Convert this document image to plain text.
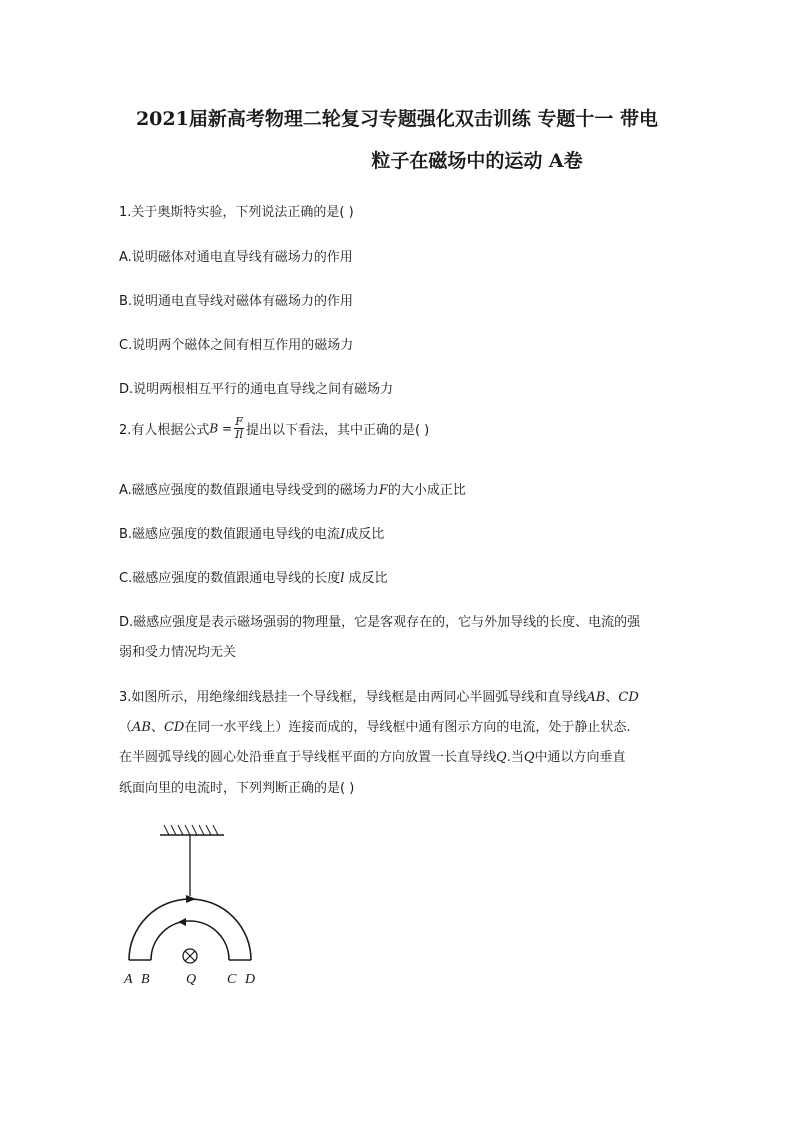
2021届新高考物理二轮复习专题强化双击训练 专题十一 带电
粒子在磁场中的运动 A卷
1.关于奥斯特实验，下列说法正确的是( )
A.说明磁体对通电直导线有磁场力的作用
B.说明通电直导线对磁体有磁场力的作用
C.说明两个磁体之间有相互作用的磁场力
D.说明两根相互平行的通电直导线之间有磁场力
2.有人根据公式$B = \frac{F}{Il}$ 提出以下看法，其中正确的是( )
A.磁感应强度的数值跟通电导线受到的磁场力F的大小成正比
B.磁感应强度的数值跟通电导线的电流I成反比
C.磁感应强度的数值跟通电导线的长度l 成反比
D.磁感应强度是表示磁场强弱的物理量，它是客观存在的，它与外加导线的长度、电流的强
弱和受力情况均无关
3.如图所示，用绝缘细线悬挂一个导线框，导线框是由两同心半圆弧导线和直导线AB、CD
（AB、CD在同一水平线上）连接而成的，导线框中通有图示方向的电流，处于静止状态.
在半圆弧导线的圆心处沿垂直于导线框平面的方向放置一长直导线Q.当Q中通以方向垂直
纸面向里的电流时，下列判断正确的是( )
A B	Q C D
